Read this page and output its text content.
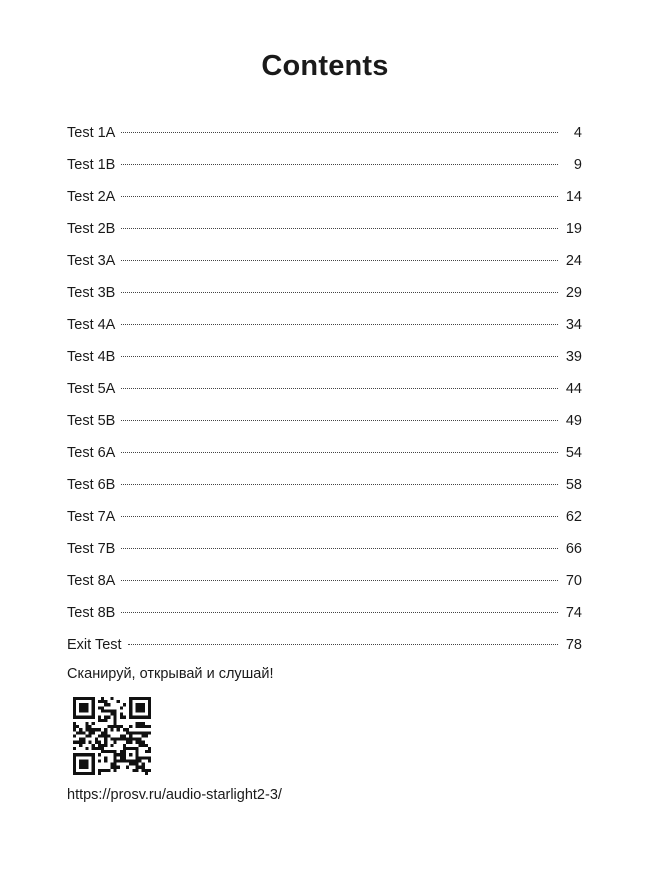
Contents
Test 1A	4
Test 1B	9
Test 2A	14
Test 2B	19
Test 3A	24
Test 3B	29
Test 4A	34
Test 4B	39
Test 5A	44
Test 5B	49
Test 6A	54
Test 6B	58
Test 7A	62
Test 7B	66
Test 8A	70
Test 8B	74
Exit Test	78
Сканируй, открывай и слушай!
https://prosv.ru/audio-starlight2-3/
